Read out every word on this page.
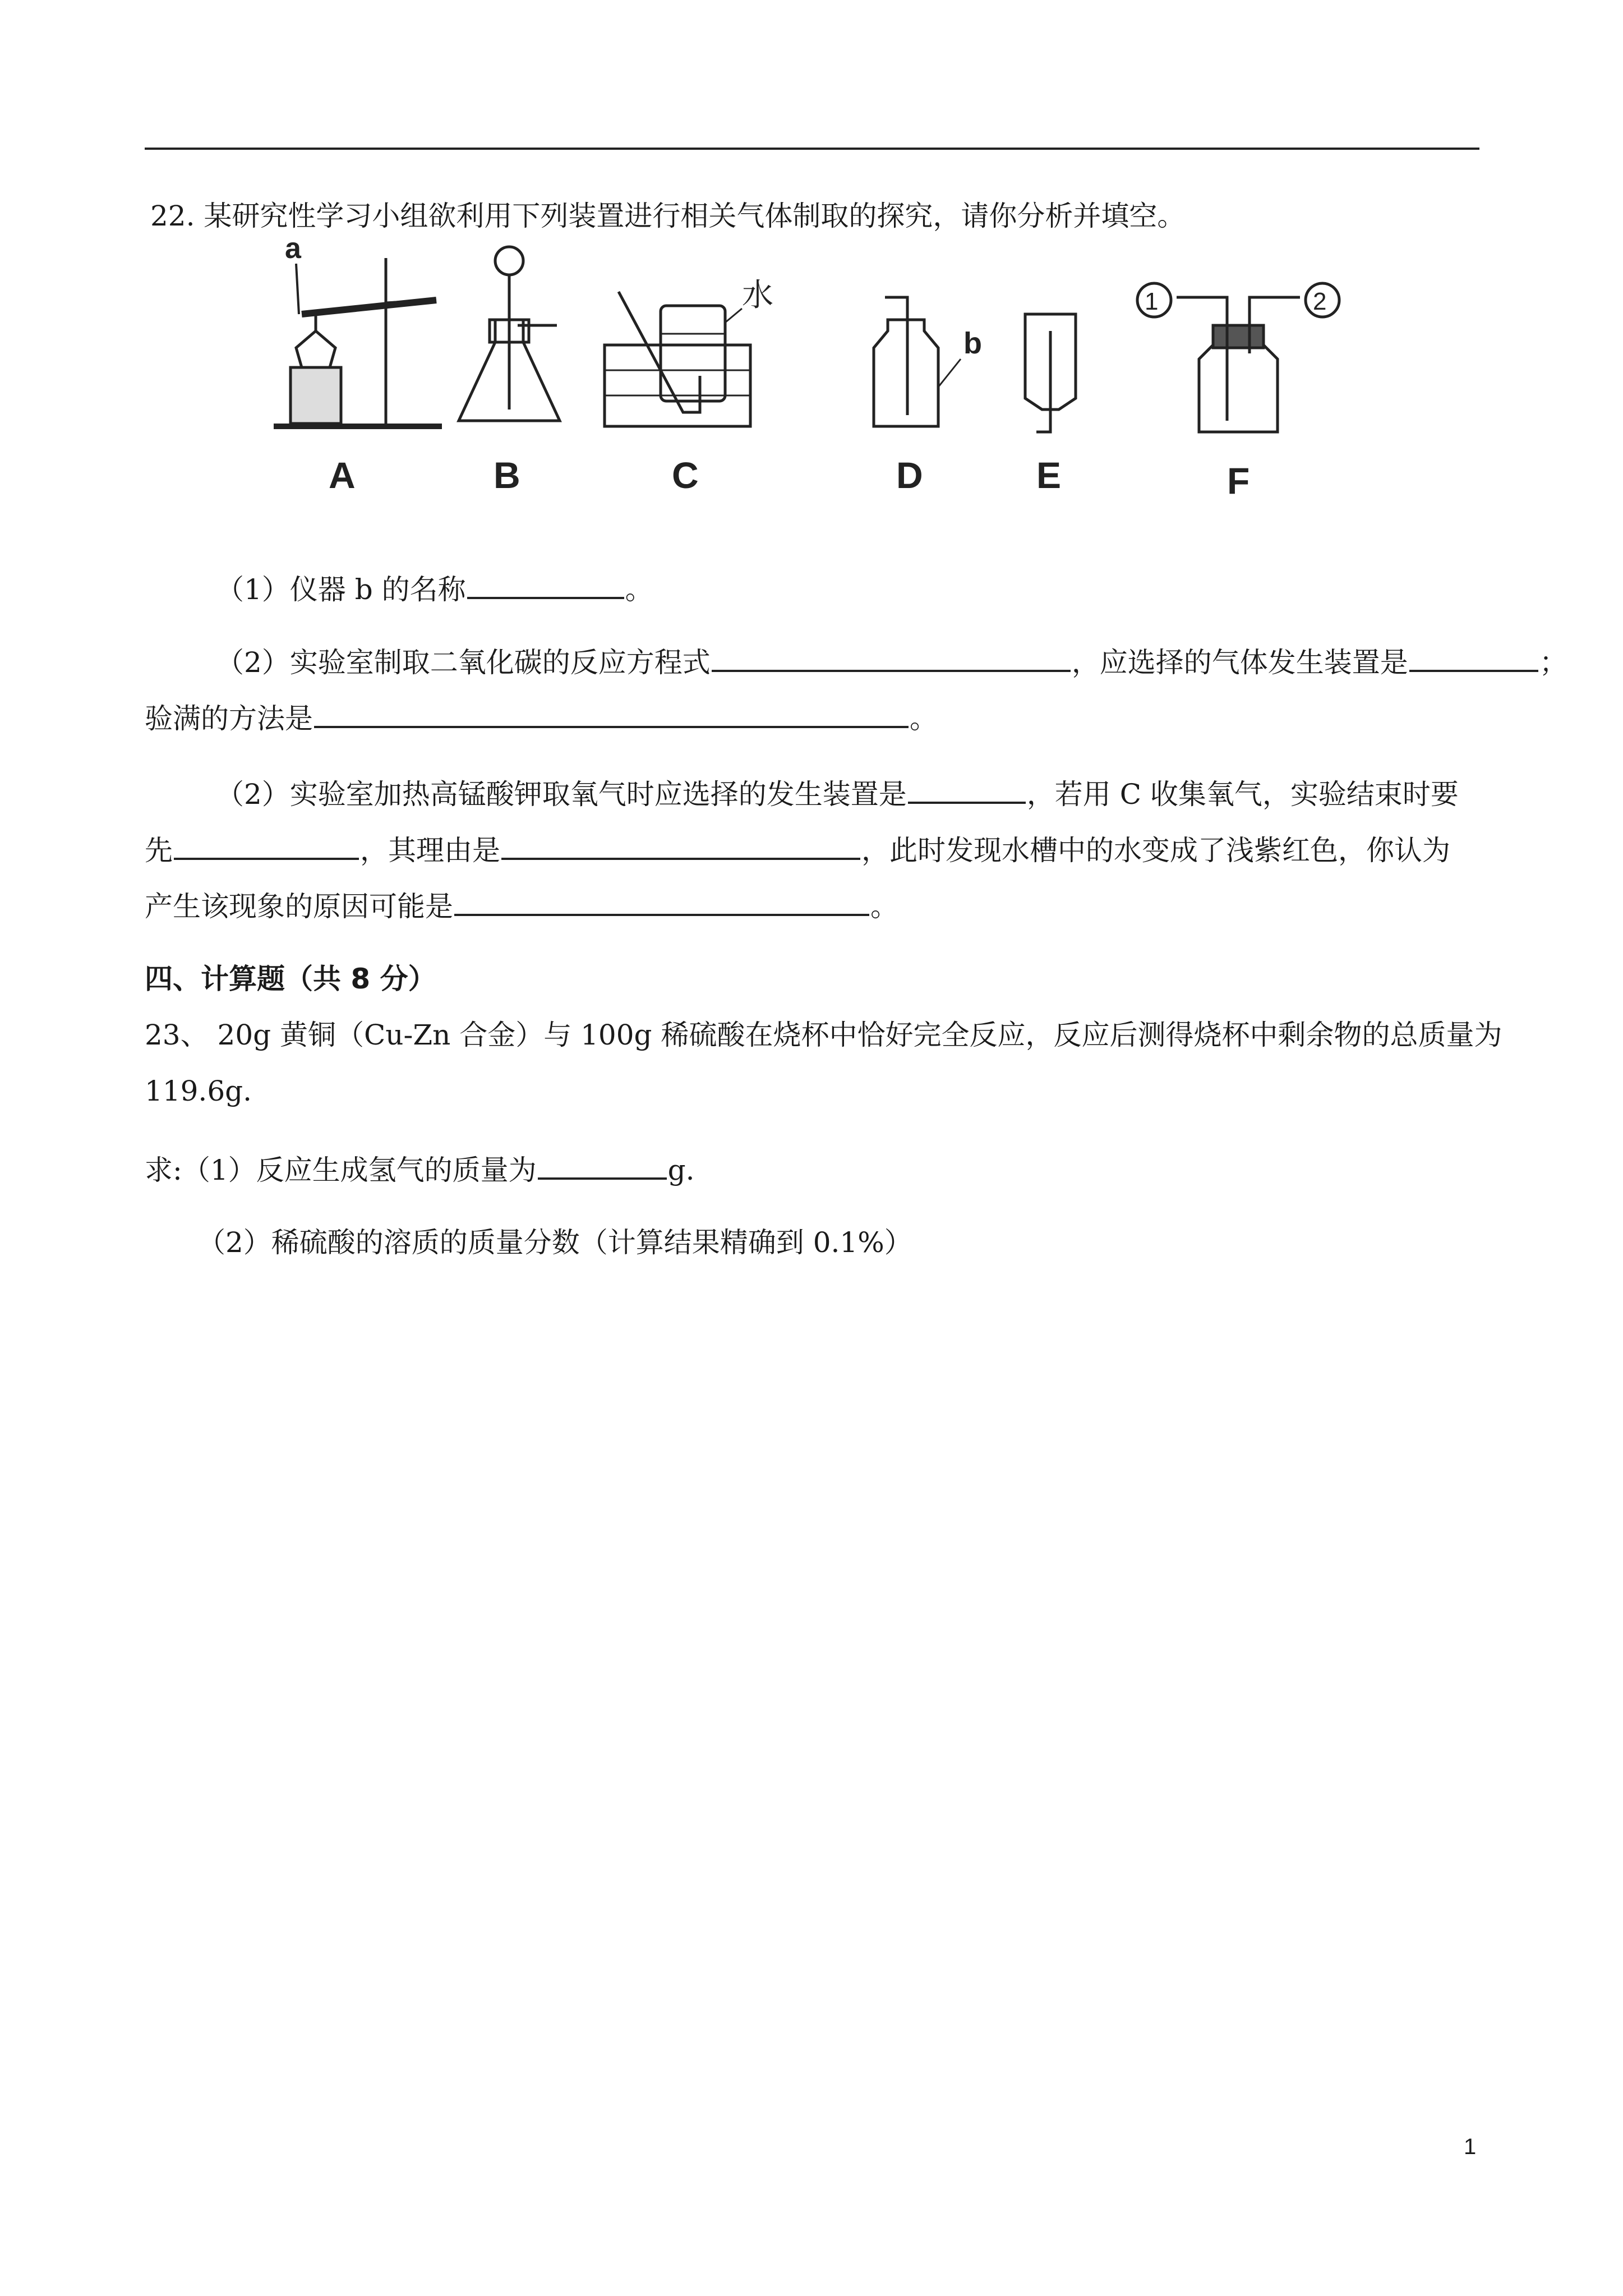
22. 某研究性学习小组欲利用下列装置进行相关气体制取的探究，请你分析并填空。
a
A	B
水
C
b
D	E
1	2
F
（1）仪器 b 的名称	。
（2）实验室制取二氧化碳的反应方程式	，应选择的气体发生装置是	；
验满的方法是	。
（2）实验室加热高锰酸钾取氧气时应选择的发生装置是	，若用 C 收集氧气，实验结束时要
先	，其理由是	，此时发现水槽中的水变成了浅紫红色，你认为
产生该现象的原因可能是	。
四、计算题（共 8 分）
23、 20g 黄铜（Cu-Zn 合金）与 100g 稀硫酸在烧杯中恰好完全反应，反应后测得烧杯中剩余物的总质量为
119.6g.
求:（1）反应生成氢气的质量为	g.
（2）稀硫酸的溶质的质量分数（计算结果精确到 0.1%）
1
